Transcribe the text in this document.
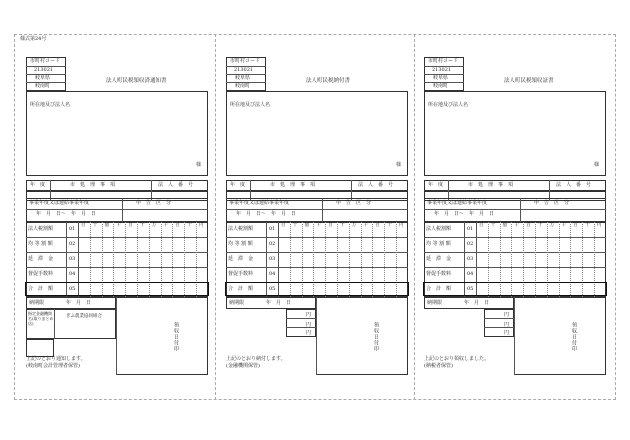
様式第24号
市町村コード
213021
岐阜県
岐南町
法人町民税領収済通知書
所在地及び法人名
様
年　度	市　処　理　事　項	法　人　番　号
事業年度又は連結事業年度	申　告　区　分
年　月　日〜　年　月　日
法人税割額	01
均 等 割 額	02
延　滞　金	03
督促手数料	04
合　計　額	05
百 十 億 千 百 十 万 千 百 十 円
納期限	年　月　日
領収日付印
ぎふ農業協同組合
指定金融機関名(取りまとめ店)
上記のとおり通知します。
(岐南町会計管理者保管)
市町村コード
213021
岐阜県
岐南町
法人町民税納付書
所在地及び法人名
様
年　度	市　処　理　事　項	法　人　番　号
事業年度又は連結事業年度	申　告　区　分
年　月　日〜　年　月　日
法人税割額	01
均 等 割 額	02
延　滞　金	03
督促手数料	04
合　計　額	05
百 十 億 千 百 十 万 千 百 十 円
納期限	年　月　日
領収日付印
円
円
円
上記のとおり納付します。
(金融機関保管)
市町村コード
213021
岐阜県
岐南町
法人町民税領収証書
所在地及び法人名
様
年　度	市　処　理　事　項	法　人　番　号
事業年度又は連結事業年度	申　告　区　分
年　月　日〜　年　月　日
法人税割額	01
均 等 割 額	02
延　滞　金	03
督促手数料	04
合　計　額	05
百 十 億 千 百 十 万 千 百 十 円
納期限	年　月　日
領収日付印
円
円
円
上記のとおり領収しました。
(納税者保管)
